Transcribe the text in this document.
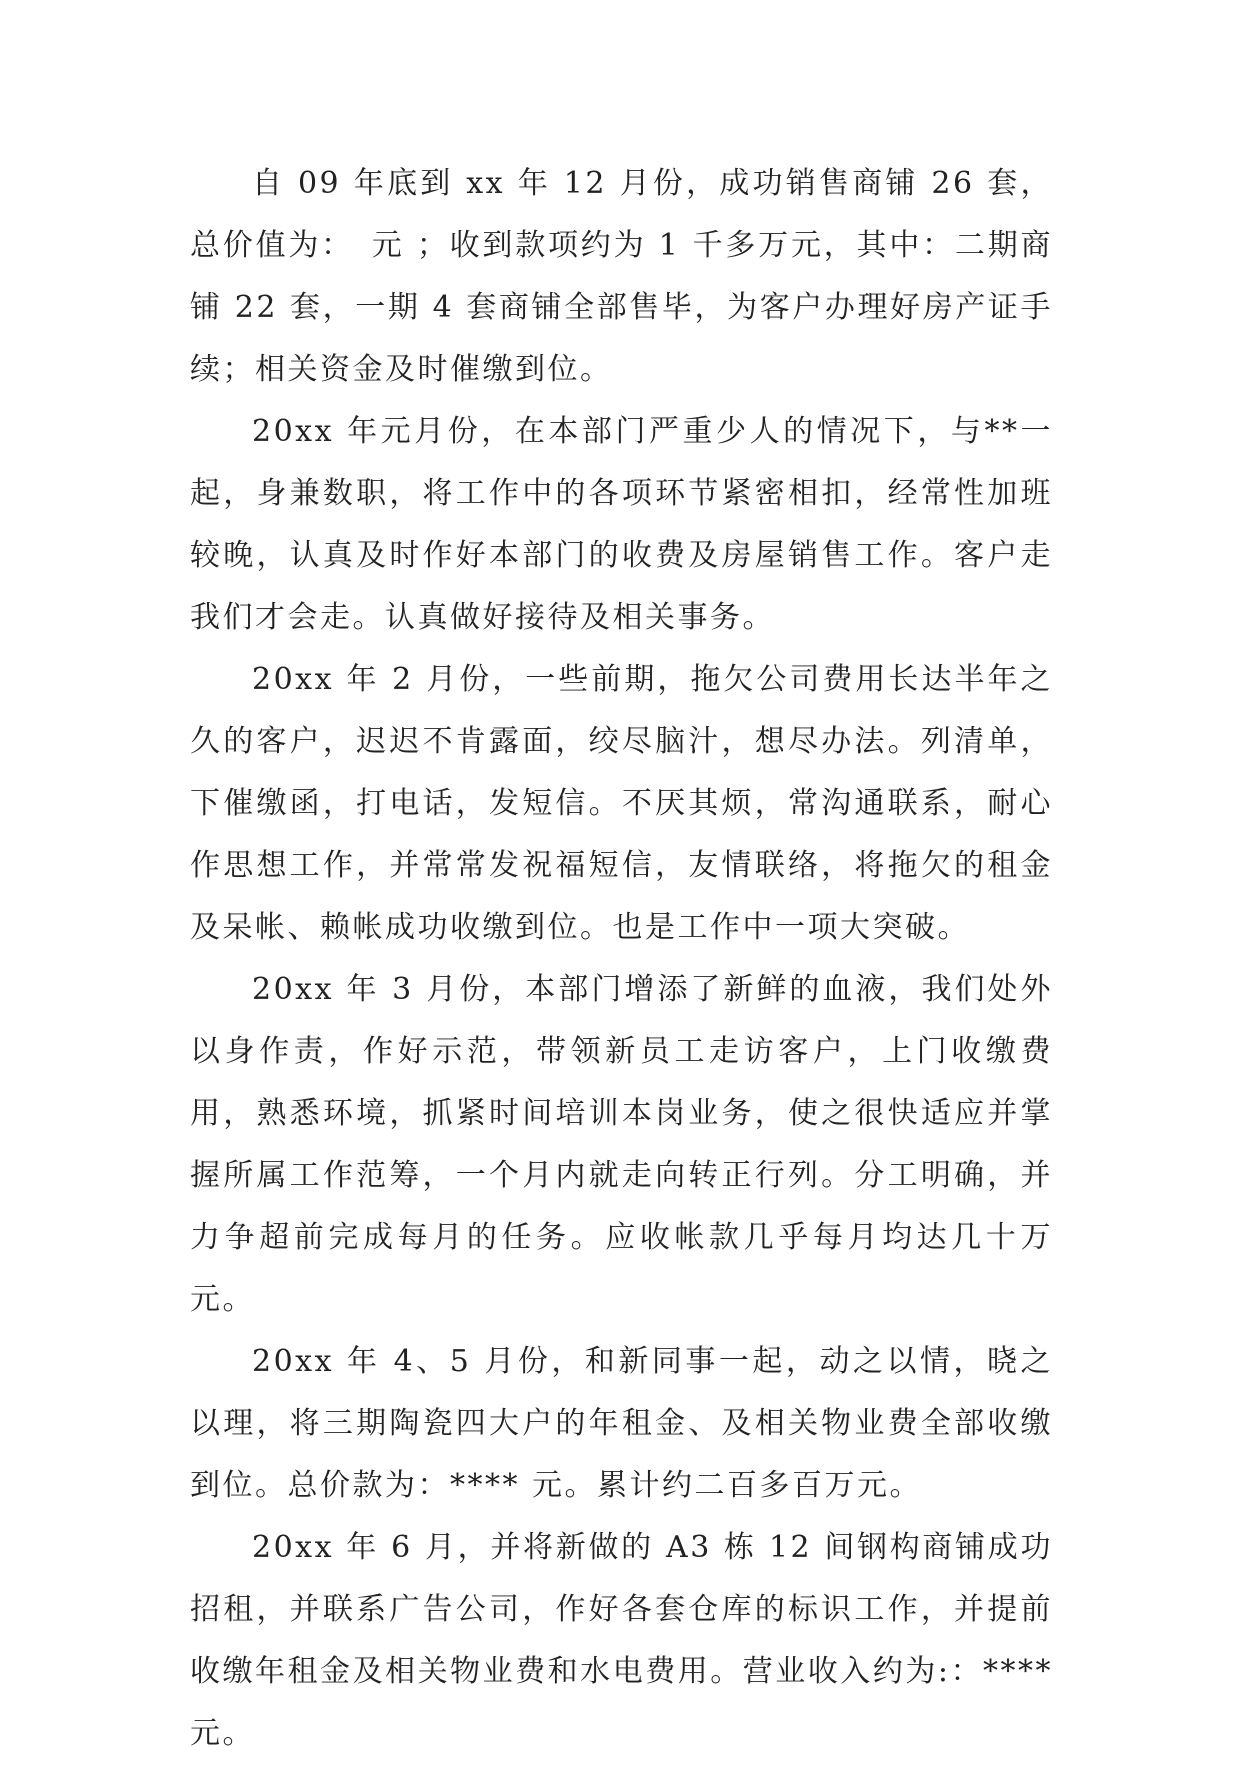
自 09 年底到 xx 年 12 月份，成功销售商铺 26 套，总价值为：　元 ；收到款项约为 1 千多万元，其中：二期商铺 22 套，一期 4 套商铺全部售毕，为客户办理好房产证手续；相关资金及时催缴到位。

20xx 年元月份，在本部门严重少人的情况下，与**一起，身兼数职，将工作中的各项环节紧密相扣，经常性加班较晚，认真及时作好本部门的收费及房屋销售工作。客户走我们才会走。认真做好接待及相关事务。

20xx 年 2 月份，一些前期，拖欠公司费用长达半年之久的客户，迟迟不肯露面，绞尽脑汁，想尽办法。列清单，下催缴函，打电话，发短信。不厌其烦，常沟通联系，耐心作思想工作，并常常发祝福短信，友情联络，将拖欠的租金及呆帐、赖帐成功收缴到位。也是工作中一项大突破。

20xx 年 3 月份，本部门增添了新鲜的血液，我们处外以身作责，作好示范，带领新员工走访客户，上门收缴费用，熟悉环境，抓紧时间培训本岗业务，使之很快适应并掌握所属工作范筹，一个月内就走向转正行列。分工明确，并力争超前完成每月的任务。应收帐款几乎每月均达几十万元。

20xx 年 4、5 月份，和新同事一起，动之以情，晓之以理，将三期陶瓷四大户的年租金、及相关物业费全部收缴到位。总价款为：**** 元。累计约二百多百万元。

20xx 年 6 月，并将新做的 A3 栋 12 间钢构商铺成功招租，并联系广告公司，作好各套仓库的标识工作，并提前收缴年租金及相关物业费和水电费用。营业收入约为:：****元。
